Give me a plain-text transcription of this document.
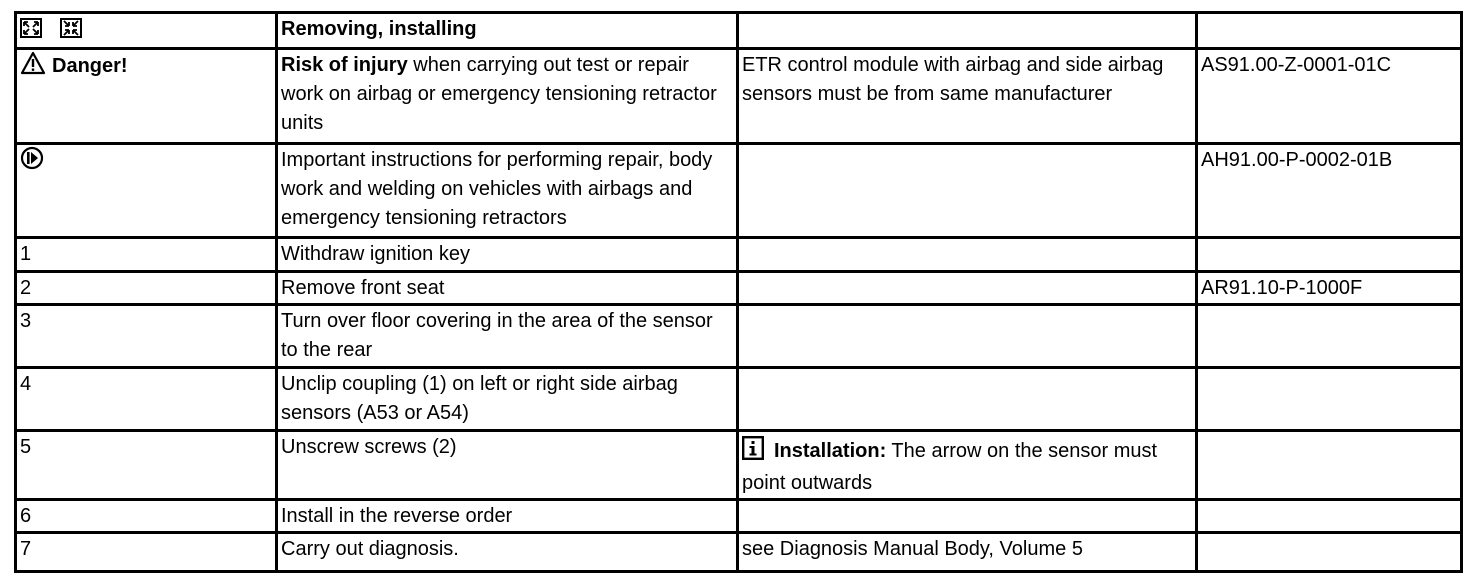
	Removing, installing		
Danger!	Risk of injury when carrying out test or repair work on airbag or emergency tensioning retractor units	ETR control module with airbag and side airbag sensors must be from same manufacturer	AS91.00-Z-0001-01C
	Important instructions for performing repair, body work and welding on vehicles with airbags and emergency tensioning retractors		AH91.00-P-0002-01B
1	Withdraw ignition key		
2	Remove front seat		AR91.10-P-1000F
3	Turn over floor covering in the area of the sensor to the rear		
4	Unclip coupling (1) on left or right side airbag sensors (A53 or A54)		
5	Unscrew screws (2)	Installation: The arrow on the sensor must point outwards	
6	Install in the reverse order		
7	Carry out diagnosis.	see Diagnosis Manual Body, Volume 5	
